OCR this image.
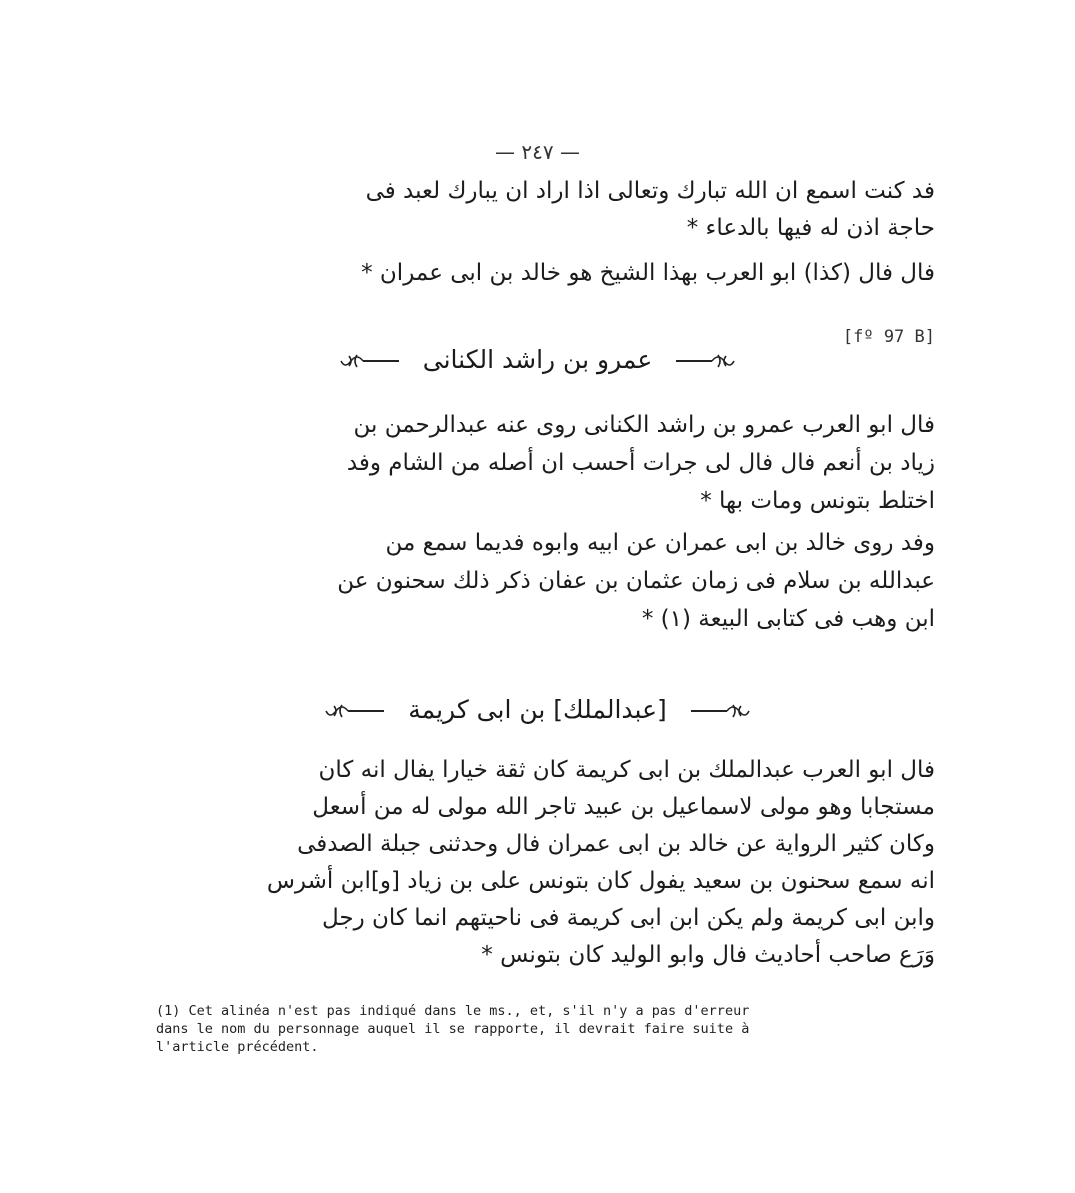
— ٢٤٧ —
فد كنت اسمع ان الله تبارك وتعالى اذا اراد ان يبارك لعبد فى
حاجة اذن له فيها بالدعاء *
فال فال (كذا) ابو العرب بهذا الشيخ هو خالد بن ابى عمران *
[fº 97 B]
عمرو بن راشد الكنانى
فال ابو العرب عمرو بن راشد الكنانى روى عنه عبدالرحمن بن
زياد بن أنعم فال فال لى جرات أحسب ان أصله من الشام وفد
اختلط بتونس ومات بها *
وفد روى خالد بن ابى عمران عن ابيه وابوه فديما سمع من
عبدالله بن سلام فى زمان عثمان بن عفان ذكر ذلك سحنون عن
ابن وهب فى كتابى البيعة (١) *
[عبدالملك] بن ابى كريمة
فال ابو العرب عبدالملك بن ابى كريمة كان ثقة خيارا يفال انه كان
مستجابا وهو مولى لاسماعيل بن عبيد تاجر الله مولى له من أسعل
وكان كثير الرواية عن خالد بن ابى عمران فال وحدثنى جبلة الصدفى
انه سمع سحنون بن سعيد يفول كان بتونس على بن زياد [و]ابن أشرس
وابن ابى كريمة ولم يكن ابن ابى كريمة فى ناحيتهم انما كان رجل
وَرَع صاحب أحاديث فال وابو الوليد كان بتونس *
(1) Cet alinéa n'est pas indiqué dans le ms., et, s'il n'y a pas d'erreur
dans le nom du personnage auquel il se rapporte, il devrait faire suite à
l'article précédent.
